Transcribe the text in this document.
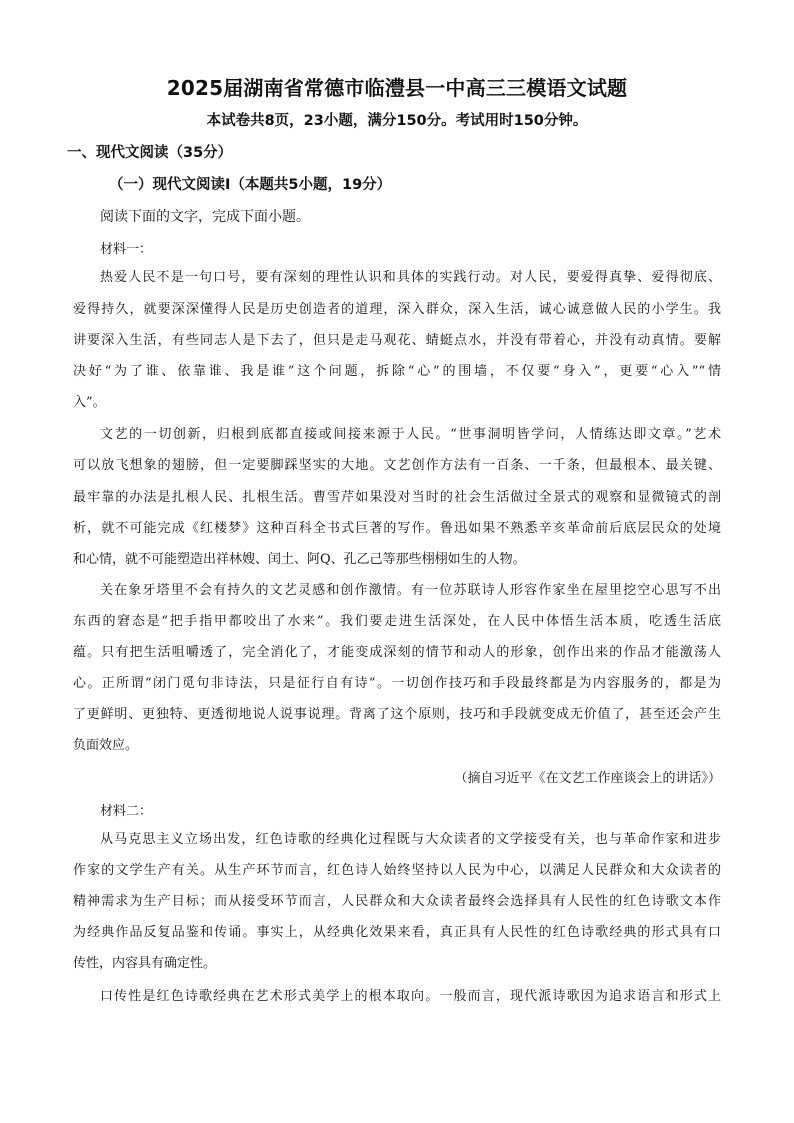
2025届湖南省常德市临澧县一中高三三模语文试题
本试卷共8页，23小题，满分150分。考试用时150分钟。
一、现代文阅读（35分）
（一）现代文阅读Ⅰ（本题共5小题，19分）
阅读下面的文字，完成下面小题。
材料一：
热爱人民不是一句口号，要有深刻的理性认识和具体的实践行动。对人民，要爱得真挚、爱得彻底、
爱得持久，就要深深懂得人民是历史创造者的道理，深入群众，深入生活，诚心诚意做人民的小学生。我
讲要深入生活，有些同志人是下去了，但只是走马观花、蜻蜓点水，并没有带着心，并没有动真情。要解
决好“为了谁、依靠谁、我是谁”这个问题，拆除“心”的围墙，不仅要“身入”，更要“心入”“情
入”。
文艺的一切创新，归根到底都直接或间接来源于人民。“世事洞明皆学问，人情练达即文章。”艺术
可以放飞想象的翅膀，但一定要脚踩坚实的大地。文艺创作方法有一百条、一千条，但最根本、最关键、
最牢靠的办法是扎根人民、扎根生活。曹雪芹如果没对当时的社会生活做过全景式的观察和显微镜式的剖
析，就不可能完成《红楼梦》这种百科全书式巨著的写作。鲁迅如果不熟悉辛亥革命前后底层民众的处境
和心情，就不可能塑造出祥林嫂、闰土、阿Q、孔乙己等那些栩栩如生的人物。
关在象牙塔里不会有持久的文艺灵感和创作激情。有一位苏联诗人形容作家坐在屋里挖空心思写不出
东西的窘态是“把手指甲都咬出了水来”。我们要走进生活深处，在人民中体悟生活本质，吃透生活底
蕴。只有把生活咀嚼透了，完全消化了，才能变成深刻的情节和动人的形象，创作出来的作品才能激荡人
心。正所谓“闭门觅句非诗法，只是征行自有诗”。一切创作技巧和手段最终都是为内容服务的，都是为
了更鲜明、更独特、更透彻地说人说事说理。背离了这个原则，技巧和手段就变成无价值了，甚至还会产生
负面效应。
（摘自习近平《在文艺工作座谈会上的讲话》）
材料二：
从马克思主义立场出发，红色诗歌的经典化过程既与大众读者的文学接受有关，也与革命作家和进步
作家的文学生产有关。从生产环节而言，红色诗人始终坚持以人民为中心，以满足人民群众和大众读者的
精神需求为生产目标；而从接受环节而言，人民群众和大众读者最终会选择具有人民性的红色诗歌文本作
为经典作品反复品鉴和传诵。事实上，从经典化效果来看，真正具有人民性的红色诗歌经典的形式具有口
传性，内容具有确定性。
口传性是红色诗歌经典在艺术形式美学上的根本取向。一般而言，现代派诗歌因为追求语言和形式上
